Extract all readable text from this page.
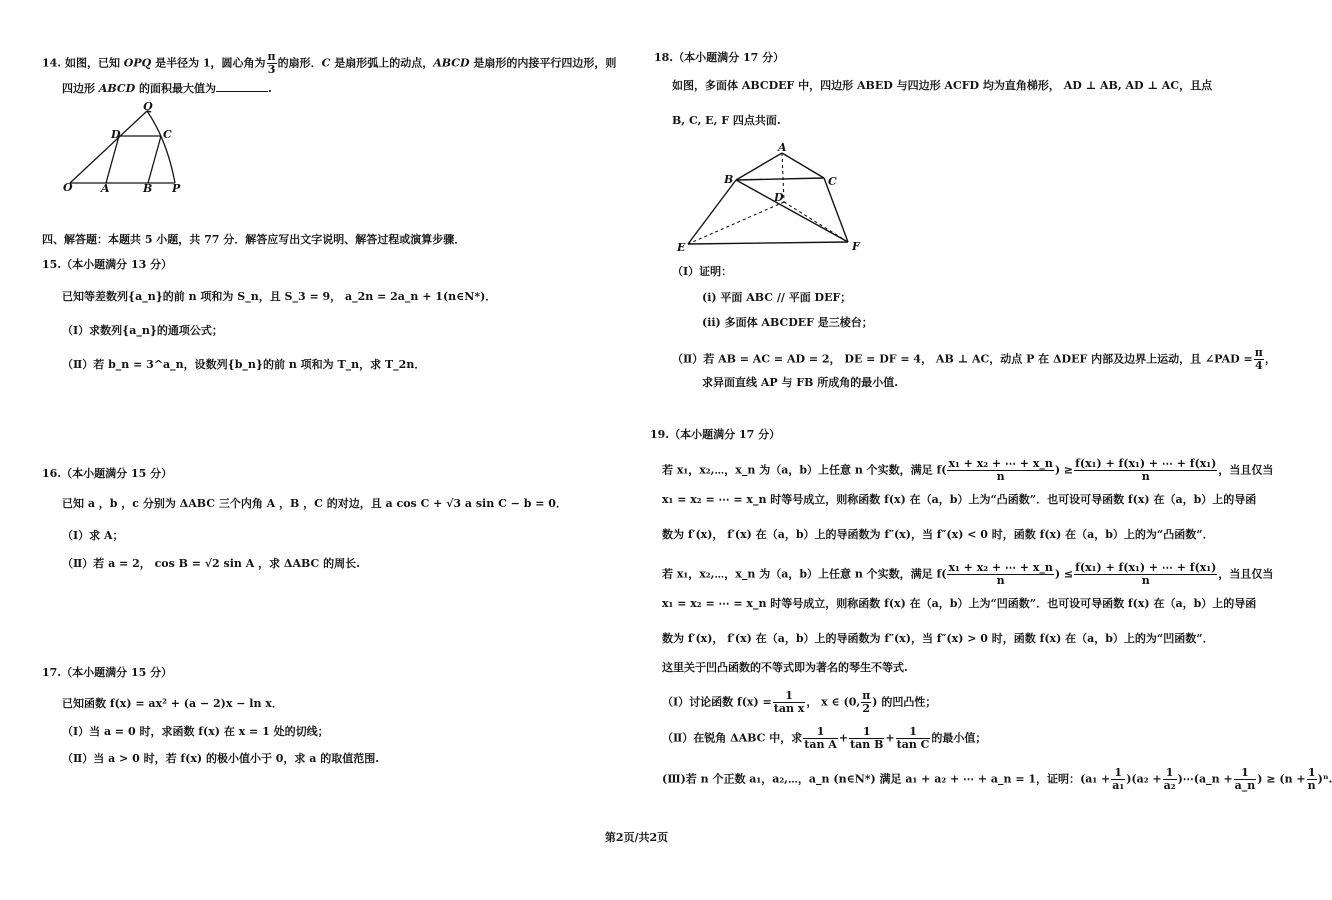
14. 如图，已知 OPQ 是半径为 1，圆心角为 $\frac{\pi}{3}$ 的扇形．C 是扇形弧上的动点，ABCD 是扇形的内接平行四边形，则
四边形 ABCD 的面积最大值为	.
Q
D	C
O	A	B P
四、解答题：本题共 5 小题，共 77 分．解答应写出文字说明、解答过程或演算步骤．
15.（本小题满分 13 分）
已知等差数列{a_n}的前 n 项和为 S_n，且 S_3 = 9， a_2n = 2a_n + 1(n∈N*)．
（Ⅰ）求数列{a_n}的通项公式；
（Ⅱ）若 b_n = 3^a_n，设数列{b_n}的前 n 项和为 T_n，求 T_2n．
16.（本小题满分 15 分）
已知 a ，b ，c 分别为 ΔABC 三个内角 A ，B ，C 的对边，且 a cos C + √3 a sin C − b = 0．
（Ⅰ）求 A；
（Ⅱ）若 a = 2， cos B = √2 sin A ，求 ΔABC 的周长.
17.（本小题满分 15 分）
已知函数 f(x) = ax² + (a − 2)x − ln x．
（Ⅰ）当 a = 0 时，求函数 f(x) 在 x = 1 处的切线；
（Ⅱ）当 a > 0 时，若 f(x) 的极小值小于 0，求 a 的取值范围.
18.（本小题满分 17 分）
如图，多面体 ABCDEF 中，四边形 ABED 与四边形 ACFD 均为直角梯形， AD ⊥ AB, AD ⊥ AC，且点
B, C, E, F 四点共面.
A
B	C
D
E	F
（Ⅰ）证明：
(i) 平面 ABC // 平面 DEF；
(ii) 多面体 ABCDEF 是三棱台；
（Ⅱ）若 AB = AC = AD = 2， DE = DF = 4， AB ⊥ AC，动点 P 在 ΔDEF 内部及边界上运动，且 ∠PAD = $\frac{\pi}{4}$ ，
求异面直线 AP 与 FB 所成角的最小值.
19.（本小题满分 17 分）
若 x₁，x₂,⋯，x_n 为（a，b）上任意 n 个实数，满足 $f( \frac{\text{x₁ + x₂ + ⋯ + x\_n}}{n}$ ) ≥ $\frac{\text{f(x₁) + f(x₁) + ⋯ + f(x₁)}}{n}$ ，当且仅当
x₁ = x₂ = ⋯ = x_n 时等号成立，则称函数 f(x) 在（a，b）上为“凸函数”．也可设可导函数 f(x) 在（a，b）上的导函
数为 f′(x)， f′(x) 在（a，b）上的导函数为 f″(x)，当 f″(x) < 0 时，函数 f(x) 在（a，b）上的为“凸函数”．
若 x₁，x₂,⋯，x_n 为（a，b）上任意 n 个实数，满足 $f( \frac{\text{x₁ + x₂ + ⋯ + x\_n}}{n}$ ) ≤ $\frac{\text{f(x₁) + f(x₁) + ⋯ + f(x₁)}}{n}$ ，当且仅当
x₁ = x₂ = ⋯ = x_n 时等号成立，则称函数 f(x) 在（a，b）上为“凹函数”．也可设可导函数 f(x) 在（a，b）上的导函
数为 f′(x)， f′(x) 在（a，b）上的导函数为 f″(x)，当 f″(x) > 0 时，函数 f(x) 在（a，b）上的为“凹函数”．
这里关于凹凸函数的不等式即为著名的琴生不等式.
（Ⅰ）讨论函数 $f(x) = \frac{1}{\text{tan x}}$ ， x ∈ (0, $\frac{\pi}{2}$ ) 的凹凸性；
（Ⅱ）在锐角 ΔABC 中，求 $\frac{1}{\text{tan A}} + \frac{1}{\text{tan B}} + \frac{1}{\text{tan C}}$ 的最小值；
(Ⅲ)若 n 个正数 a₁，a₂,⋯，a_n (n∈N*) 满足 a₁ + a₂ + ⋯ + a_n = 1，证明：$(a_1 + \frac{1}{\text{a₁}} )(a_2 + \frac{1}{\text{a₂}}$ )⋯(a_n + $\frac{1}{a\_n}$ ) ≥ $(n + \frac{1}{n} )^n$.
第2页/共2页
